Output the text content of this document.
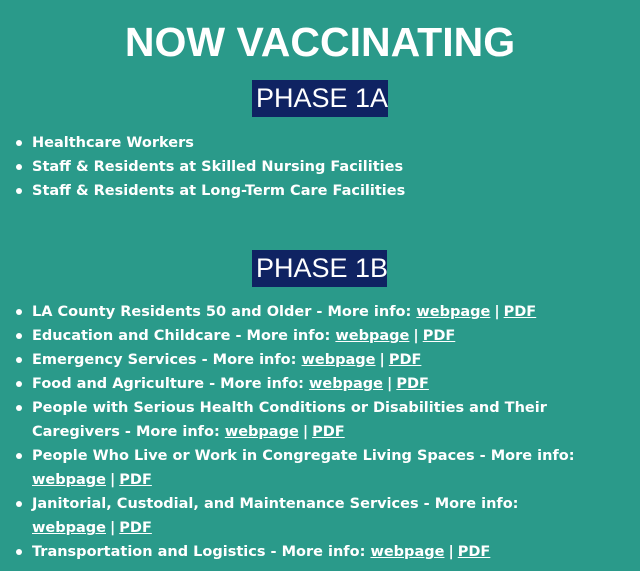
NOW VACCINATING
PHASE 1A
Healthcare Workers
Staff & Residents at Skilled Nursing Facilities
Staff & Residents at Long-Term Care Facilities
PHASE 1B
LA County Residents 50 and Older - More info: webpage | PDF
Education and Childcare - More info: webpage | PDF
Emergency Services - More info: webpage | PDF
Food and Agriculture - More info: webpage | PDF
People with Serious Health Conditions or Disabilities and Their Caregivers - More info: webpage | PDF
People Who Live or Work in Congregate Living Spaces - More info: webpage | PDF
Janitorial, Custodial, and Maintenance Services - More info: webpage | PDF
Transportation and Logistics - More info: webpage | PDF
